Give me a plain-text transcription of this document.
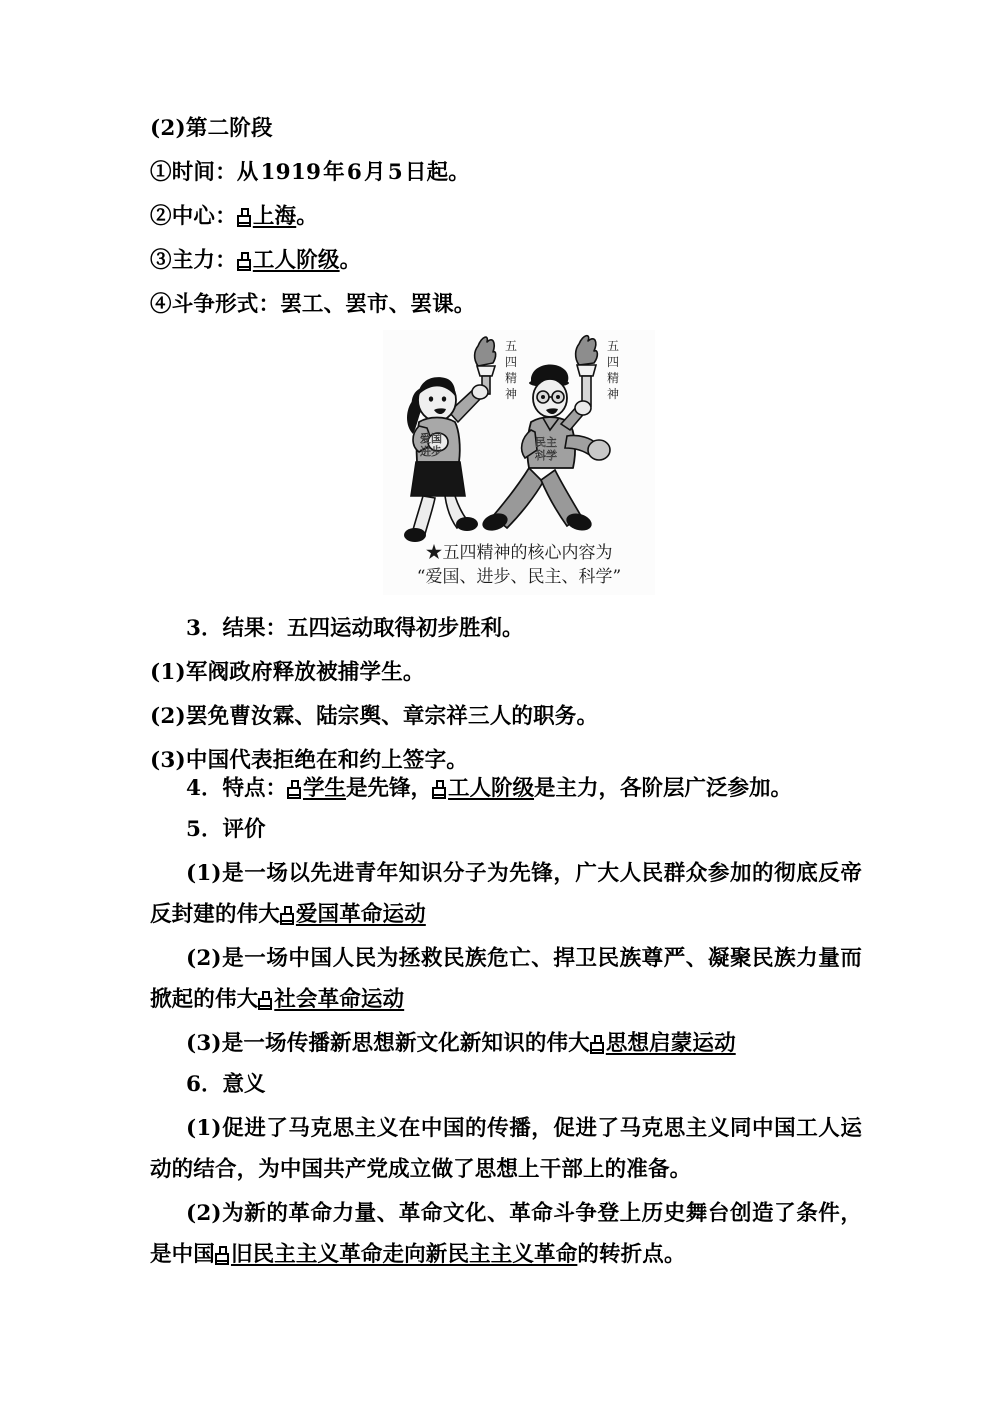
(2)第二阶段
①时间：从1919年6月5日起。
②中心： 上海。
③主力： 工人阶级。
④斗争形式：罢工、罢市、罢课。
五
四
精
神
爱国
进步
五
四
精
神
民主
科学
★五四精神的核心内容为
“爱国、进步、民主、科学”
3．结果：五四运动取得初步胜利。
(1)军阀政府释放被捕学生。
(2)罢免曹汝霖、陆宗舆、章宗祥三人的职务。
(3)中国代表拒绝在和约上签字。
4．特点： 学生是先锋， 工人阶级是主力，各阶层广泛参加。
5．评价
(1)是一场以先进青年知识分子为先锋，广大人民群众参加的彻底反帝反封建的伟大 爱国革命运动
(2)是一场中国人民为拯救民族危亡、捍卫民族尊严、凝聚民族力量而掀起的伟大 社会革命运动
(3)是一场传播新思想新文化新知识的伟大 思想启蒙运动
6．意义
(1)促进了马克思主义在中国的传播，促进了马克思主义同中国工人运动的结合，为中国共产党成立做了思想上干部上的准备。
(2)为新的革命力量、革命文化、革命斗争登上历史舞台创造了条件，是中国 旧民主主义革命走向新民主主义革命的转折点。
